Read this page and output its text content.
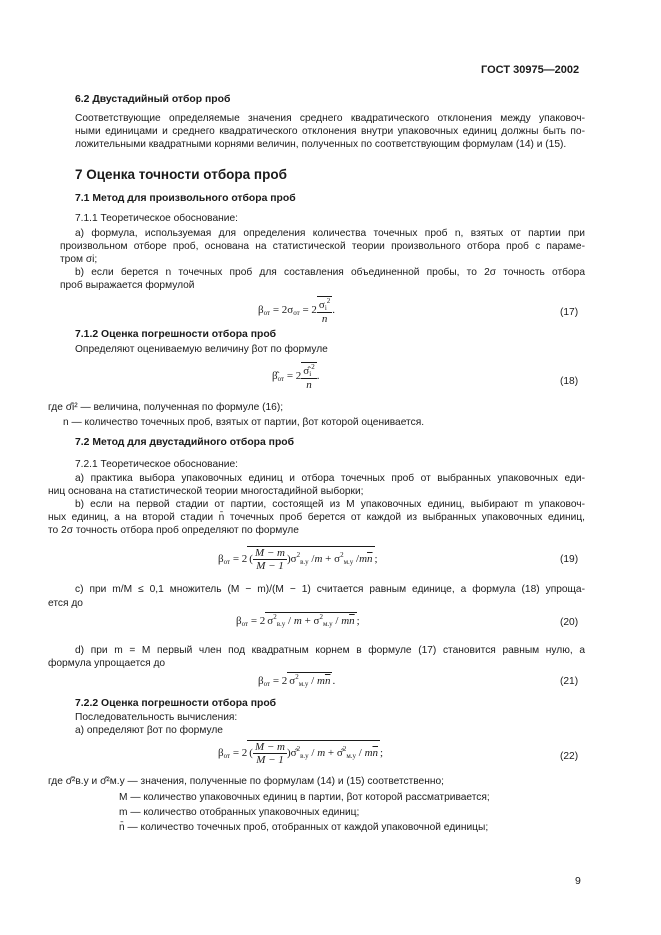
ГОСТ 30975—2002
6.2 Двустадийный отбор проб
Соответствующие определяемые значения среднего квадратического отклонения между упаковоч-
ными единицами и среднего квадратического отклонения внутри упаковочных единиц должны быть по-
ложительными квадратными корнями величин, полученных по соответствующим формулам (14) и (15).
7 Оценка точности отбора проб
7.1 Метод для произвольного отбора проб
7.1.1 Теоретическое обоснование:
а) формула, используемая для определения количества точечных проб n, взятых от партии при
произвольном отборе проб, основана на статистической теории произвольного отбора проб с параме-
тром σi;
b) если берется n точечных проб для составления объединенной пробы, то 2σ точность отбора
проб выражается формулой
$\beta_{от} = 2\sigma_{от} = 2 \frac{\sigma_i^2}{n}$ .	(17)
7.1.2 Оценка погрешности отбора проб
Определяют оцениваемую величину βот по формуле
$\betâ_{от} = 2 \frac{\sigmâ_i^2}{n}$ .	(18)
где σ̂i² — величина, полученная по формуле (16);
n — количество точечных проб, взятых от партии, βот которой оценивается.
7.2 Метод для двустадийного отбора проб
7.2.1 Теоретическое обоснование:
а) практика выбора упаковочных единиц и отбора точечных проб от выбранных упаковочных еди-
ниц основана на статистической теории многостадийной выборки;
b) если на первой стадии от партии, состоящей из M упаковочных единиц, выбирают m упаковоч-
ных единиц, а на второй стадии n̄ точечных проб берется от каждой из выбранных упаковочных единиц,
то 2σ точность отбора проб определяют по формуле
$\beta_{от} = 2$ ( $\frac{M - m}{M - 1} )\sigma^2_{в.у}$ $/m + \sigma^2_{м.у}$ $/m\overline{n}$ ;	(19)
с) при m/M ≤ 0,1 множитель (M − m)/(M − 1) считается равным единице, а формула (18) упроща-
ется до
$\beta_{от} = 2$ $\sigma^2_{в.у} / m + \sigma^2_{м.у} / m\overline{n}$ ;	(20)
d) при m = M первый член под квадратным корнем в формуле (17) становится равным нулю, а
формула упрощается до
$\beta_{от} = 2$ $\sigma^2_{м.у} / m\overline{n}$ .	(21)
7.2.2 Оценка погрешности отбора проб
Последовательность вычисления:
а) определяют βот по формуле
$\beta_{от} = 2$ ( $\frac{M - m}{M - 1}$ )σ̂$^2_{в.у}$ / m + σ̂$^2_{м.у}$ / $m\overline{n}$ ;	(22)
где σ̂²в.у и σ̂²м.у — значения, полученные по формулам (14) и (15) соответственно;
M — количество упаковочных единиц в партии, βот которой рассматривается;
m — количество отобранных упаковочных единиц;
n̄ — количество точечных проб, отобранных от каждой упаковочной единицы;
9
